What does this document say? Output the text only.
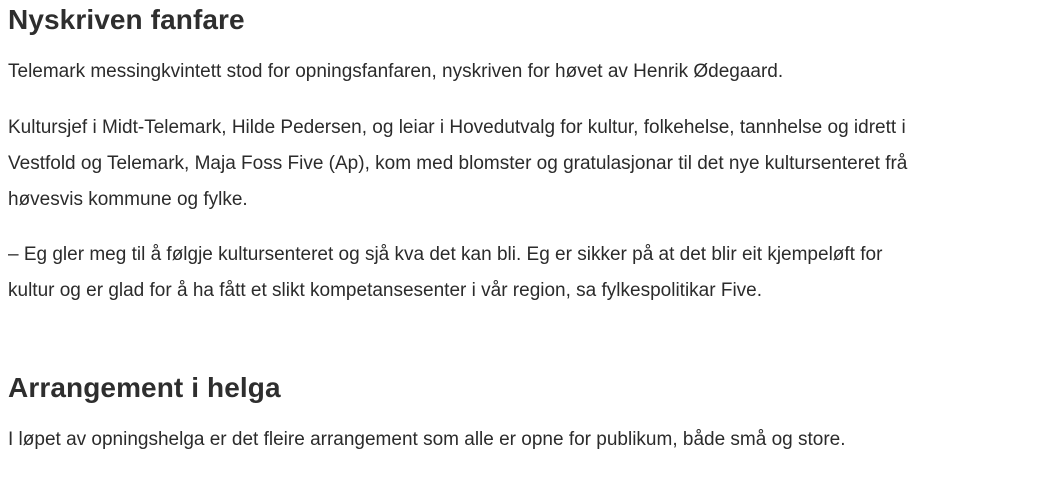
Nyskriven fanfare

Telemark messingkvintett stod for opningsfanfaren, nyskriven for høvet av Henrik Ødegaard.

Kultursjef i Midt-Telemark, Hilde Pedersen, og leiar i Hovedutvalg for kultur, folkehelse, tannhelse og idrett i Vestfold og Telemark, Maja Foss Five (Ap), kom med blomster og gratulasjonar til det nye kultursenteret frå høvesvis kommune og fylke.

– Eg gler meg til å følgje kultursenteret og sjå kva det kan bli. Eg er sikker på at det blir eit kjempeløft for kultur og er glad for å ha fått et slikt kompetansesenter i vår region, sa fylkespolitikar Five.

Arrangement i helga

I løpet av opningshelga er det fleire arrangement som alle er opne for publikum, både små og store.
